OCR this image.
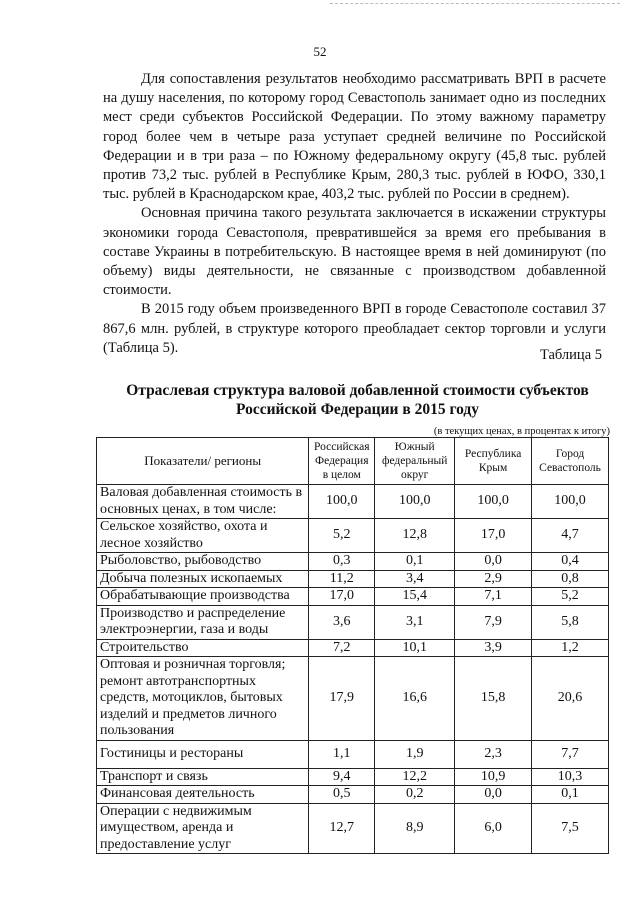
52

Для сопоставления результатов необходимо рассматривать ВРП в расчете на душу населения, по которому город Севастополь занимает одно из последних мест среди субъектов Российской Федерации. По этому важному параметру город более чем в четыре раза уступает средней величине по Российской Федерации и в три раза – по Южному федеральному округу (45,8 тыс. рублей против 73,2 тыс. рублей в Республике Крым, 280,3 тыс. рублей в ЮФО, 330,1 тыс. рублей в Краснодарском крае, 403,2 тыс. рублей по России в среднем).

Основная причина такого результата заключается в искажении структуры экономики города Севастополя, превратившейся за время его пребывания в составе Украины в потребительскую. В настоящее время в ней доминируют (по объему) виды деятельности, не связанные с производством добавленной стоимости.

В 2015 году объем произведенного ВРП в городе Севастополе составил 37 867,6 млн. рублей, в структуре которого преобладает сектор торговли и услуги (Таблица 5).	Таблица 5
Отраслевая структура валовой добавленной стоимости субъектов Российской Федерации в 2015 году
(в текущих ценах, в процентах к итогу)
Показатели/ регионы	Российская Федерация в целом	Южный федеральный округ	Республика Крым	Город Севастополь
Валовая добавленная стоимость в основных ценах, в том числе:	100,0	100,0	100,0	100,0
Сельское хозяйство, охота и лесное хозяйство	5,2	12,8	17,0	4,7
Рыболовство, рыбоводство	0,3	0,1	0,0	0,4
Добыча полезных ископаемых	11,2	3,4	2,9	0,8
Обрабатывающие производства	17,0	15,4	7,1	5,2
Производство и распределение электроэнергии, газа и воды	3,6	3,1	7,9	5,8
Строительство	7,2	10,1	3,9	1,2
Оптовая и розничная торговля; ремонт автотранспортных средств, мотоциклов, бытовых изделий и предметов личного пользования	17,9	16,6	15,8	20,6
Гостиницы и рестораны	1,1	1,9	2,3	7,7
Транспорт и связь	9,4	12,2	10,9	10,3
Финансовая деятельность	0,5	0,2	0,0	0,1
Операции с недвижимым имуществом, аренда и предоставление услуг	12,7	8,9	6,0	7,5
